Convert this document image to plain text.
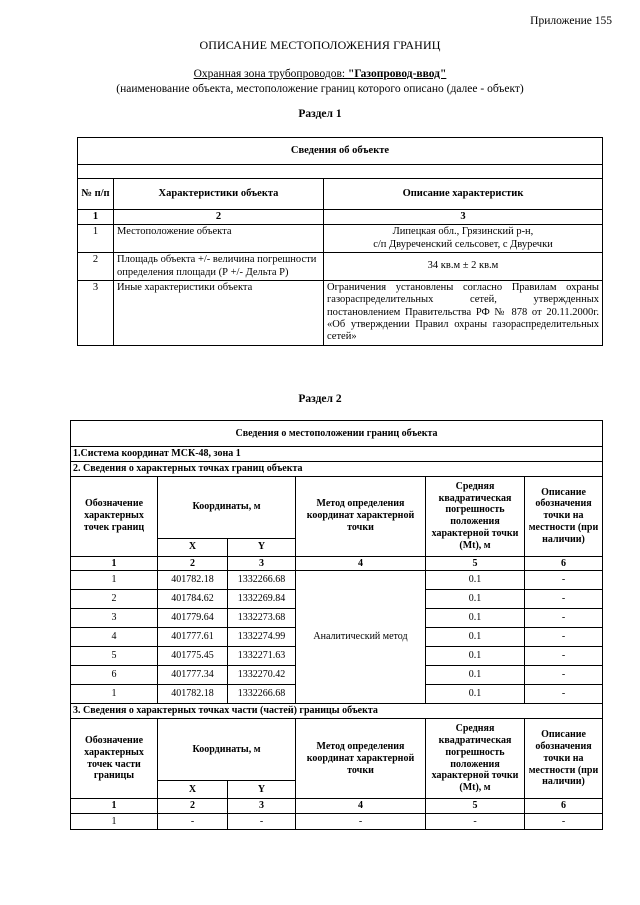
Приложение 155
ОПИСАНИЕ МЕСТОПОЛОЖЕНИЯ ГРАНИЦ
Охранная зона трубопроводов: "Газопровод-ввод"
(наименование объекта, местоположение границ которого описано (далее - объект)
Раздел 1
Сведения об объекте		

№ п/п	Характеристики объекта	Описание характеристик
1	2	3
1	Местоположение объекта	Липецкая обл., Грязинский р-н,
с/п Двуреченский сельсовет, с Двуречки

2	Площадь объекта +/- величина погрешности определения площади (Р +/- Дельта Р)	34 кв.м ± 2 кв.м
3	Иные характеристики объекта	Ограничения установлены согласно Правилам охраны газораспределительных сетей, утвержденных постановлением Правительства РФ № 878 от 20.11.2000г. «Об утверждении Правил охраны газораспределительных сетей»
Раздел 2
Сведения о местоположении границ объекта					
1.Система координат МСК-48, зона 1					
2. Сведения о характерных точках границ объекта					
Обозначение характерных точек границ	Координаты, м		Метод определения координат характерной точки	Средняя квадратическая погрешность положения характерной точки (Mt), м	Описание обозначения точки на местности (при наличии)
	X	Y			
1	2	3	4	5	6
1	401782.18	1332266.68	Аналитический метод	0.1	-
2	401784.62	1332269.84		0.1	-
3	401779.64	1332273.68		0.1	-
4	401777.61	1332274.99		0.1	-
5	401775.45	1332271.63		0.1	-
6	401777.34	1332270.42		0.1	-
1	401782.18	1332266.68		0.1	-
3. Сведения о характерных точках части (частей) границы объекта					
Обозначение характерных точек части границы	Координаты, м		Метод определения координат характерной точки	Средняя квадратическая погрешность положения характерной точки (Mt), м	Описание обозначения точки на местности (при наличии)
	X	Y			
1	2	3	4	5	6
1	-	-	-	-	-
